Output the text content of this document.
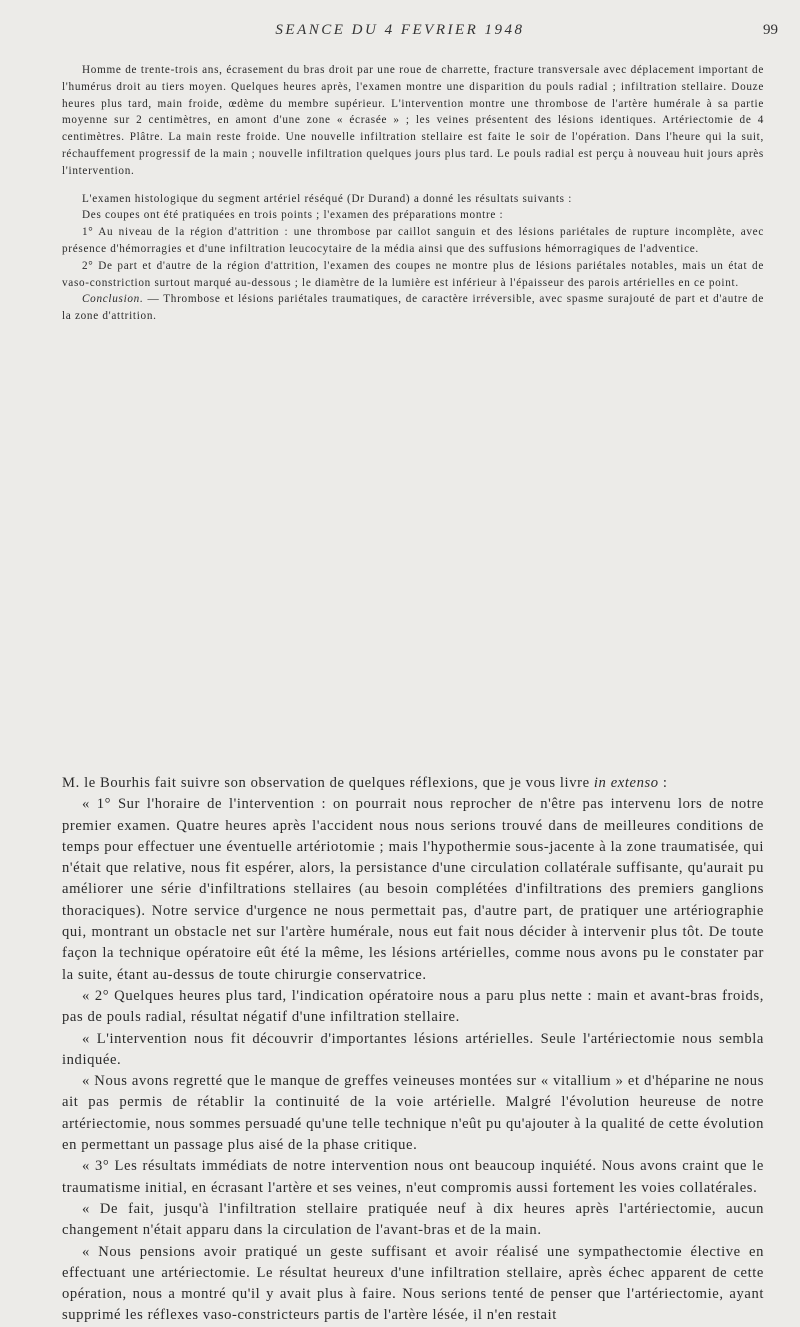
SEANCE DU 4 FEVRIER 1948	99

Homme de trente-trois ans, écrasement du bras droit par une roue de charrette, fracture transversale avec déplacement important de l'humérus droit au tiers moyen. Quelques heures après, l'examen montre une disparition du pouls radial ; infiltration stellaire. Douze heures plus tard, main froide, œdème du membre supérieur. L'intervention montre une thrombose de l'artère humérale à sa partie moyenne sur 2 centimètres, en amont d'une zone « écrasée » ; les veines présentent des lésions identiques. Artériectomie de 4 centimètres. Plâtre. La main reste froide. Une nouvelle infiltration stellaire est faite le soir de l'opération. Dans l'heure qui la suit, réchauffement progressif de la main ; nouvelle infiltration quelques jours plus tard. Le pouls radial est perçu à nouveau huit jours après l'intervention.

L'examen histologique du segment artériel réséqué (Dr Durand) a donné les résultats suivants :

Des coupes ont été pratiquées en trois points ; l'examen des préparations montre :

1° Au niveau de la région d'attrition : une thrombose par caillot sanguin et des lésions pariétales de rupture incomplète, avec présence d'hémorragies et d'une infiltration leucocytaire de la média ainsi que des suffusions hémorragiques de l'adventice.

2° De part et d'autre de la région d'attrition, l'examen des coupes ne montre plus de lésions pariétales notables, mais un état de vaso-constriction surtout marqué au-dessous ; le diamètre de la lumière est inférieur à l'épaisseur des parois artérielles en ce point.

Conclusion. — Thrombose et lésions pariétales traumatiques, de caractère irréversible, avec spasme surajouté de part et d'autre de la zone d'attrition.

M. le Bourhis fait suivre son observation de quelques réflexions, que je vous livre in extenso :

« 1° Sur l'horaire de l'intervention : on pourrait nous reprocher de n'être pas intervenu lors de notre premier examen. Quatre heures après l'accident nous nous serions trouvé dans de meilleures conditions de temps pour effectuer une éventuelle artériotomie ; mais l'hypothermie sous-jacente à la zone traumatisée, qui n'était que relative, nous fit espérer, alors, la persistance d'une circulation collatérale suffisante, qu'aurait pu améliorer une série d'infiltrations stellaires (au besoin complétées d'infiltrations des premiers ganglions thoraciques). Notre service d'urgence ne nous permettait pas, d'autre part, de pratiquer une artériographie qui, montrant un obstacle net sur l'artère humérale, nous eut fait nous décider à intervenir plus tôt. De toute façon la technique opératoire eût été la même, les lésions artérielles, comme nous avons pu le constater par la suite, étant au-dessus de toute chirurgie conservatrice.

« 2° Quelques heures plus tard, l'indication opératoire nous a paru plus nette : main et avant-bras froids, pas de pouls radial, résultat négatif d'une infiltration stellaire.

« L'intervention nous fit découvrir d'importantes lésions artérielles. Seule l'artériectomie nous sembla indiquée.

« Nous avons regretté que le manque de greffes veineuses montées sur « vitallium » et d'héparine ne nous ait pas permis de rétablir la continuité de la voie artérielle. Malgré l'évolution heureuse de notre artériectomie, nous sommes persuadé qu'une telle technique n'eût pu qu'ajouter à la qualité de cette évolution en permettant un passage plus aisé de la phase critique.

« 3° Les résultats immédiats de notre intervention nous ont beaucoup inquiété. Nous avons craint que le traumatisme initial, en écrasant l'artère et ses veines, n'eut compromis aussi fortement les voies collatérales.

« De fait, jusqu'à l'infiltration stellaire pratiquée neuf à dix heures après l'artériectomie, aucun changement n'était apparu dans la circulation de l'avant-bras et de la main.

« Nous pensions avoir pratiqué un geste suffisant et avoir réalisé une sympathectomie élective en effectuant une artériectomie. Le résultat heureux d'une infiltration stellaire, après échec apparent de cette opération, nous a montré qu'il y avait plus à faire. Nous serions tenté de penser que l'artériectomie, ayant supprimé les réflexes vaso-constricteurs partis de l'artère lésée, il n'en restait
